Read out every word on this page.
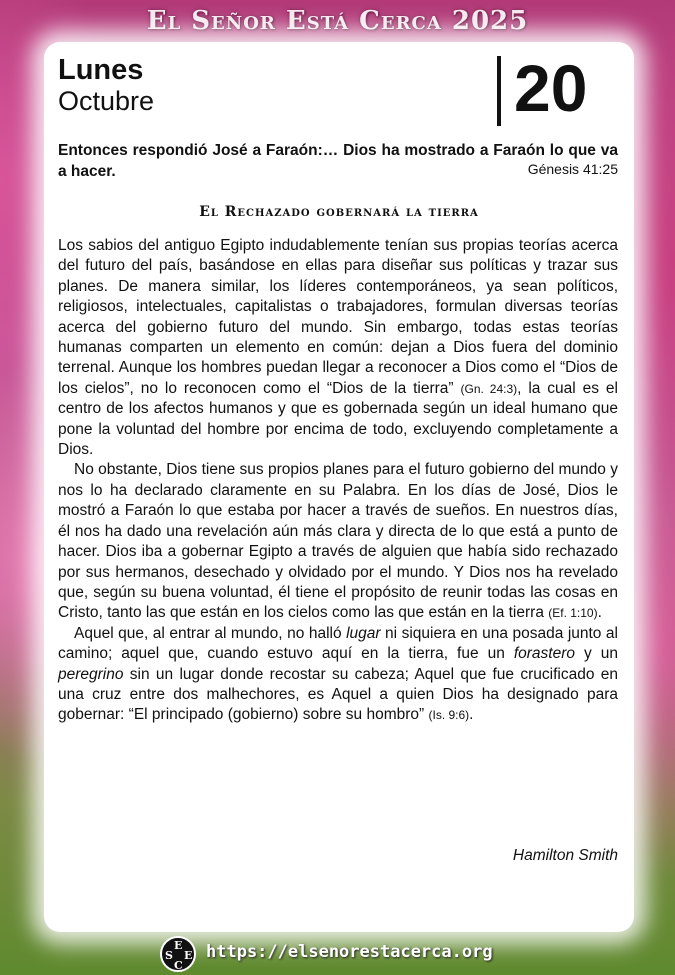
El Señor Está Cerca 2025
Lunes
Octubre	20
Entonces respondió José a Faraón:… Dios ha mostrado a Faraón lo que va a hacer.	Génesis 41:25
El Rechazado gobernará la tierra

Los sabios del antiguo Egipto indudablemente tenían sus propias teorías acerca del futuro del país, basándose en ellas para diseñar sus políticas y trazar sus planes. De manera similar, los líderes contemporáneos, ya sean políticos, religiosos, intelectuales, capitalistas o trabajadores, formulan diversas teorías acerca del gobierno futuro del mundo. Sin embargo, todas estas teorías humanas comparten un elemento en común: dejan a Dios fuera del dominio terrenal. Aunque los hombres puedan llegar a reconocer a Dios como el “Dios de los cielos”, no lo reconocen como el “Dios de la tierra” (Gn. 24:3), la cual es el centro de los afectos humanos y que es gobernada según un ideal humano que pone la voluntad del hombre por encima de todo, excluyendo completamente a Dios.

No obstante, Dios tiene sus propios planes para el futuro gobierno del mundo y nos lo ha declarado claramente en su Palabra. En los días de José, Dios le mostró a Faraón lo que estaba por hacer a través de sueños. En nuestros días, él nos ha dado una revelación aún más clara y directa de lo que está a punto de hacer. Dios iba a gobernar Egipto a través de alguien que había sido rechazado por sus hermanos, desechado y olvidado por el mundo. Y Dios nos ha revelado que, según su buena voluntad, él tiene el propósito de reunir todas las cosas en Cristo, tanto las que están en los cielos como las que están en la tierra (Ef. 1:10).

Aquel que, al entrar al mundo, no halló lugar ni siquiera en una posada junto al camino; aquel que, cuando estuvo aquí en la tierra, fue un forastero y un peregrino sin un lugar donde recostar su cabeza; Aquel que fue crucificado en una cruz entre dos malhechores, es Aquel a quien Dios ha designado para gobernar: “El principado (gobierno) sobre su hombro” (Is. 9:6).

Hamilton Smith
E
S E
C
https://elsenorestacerca.org
